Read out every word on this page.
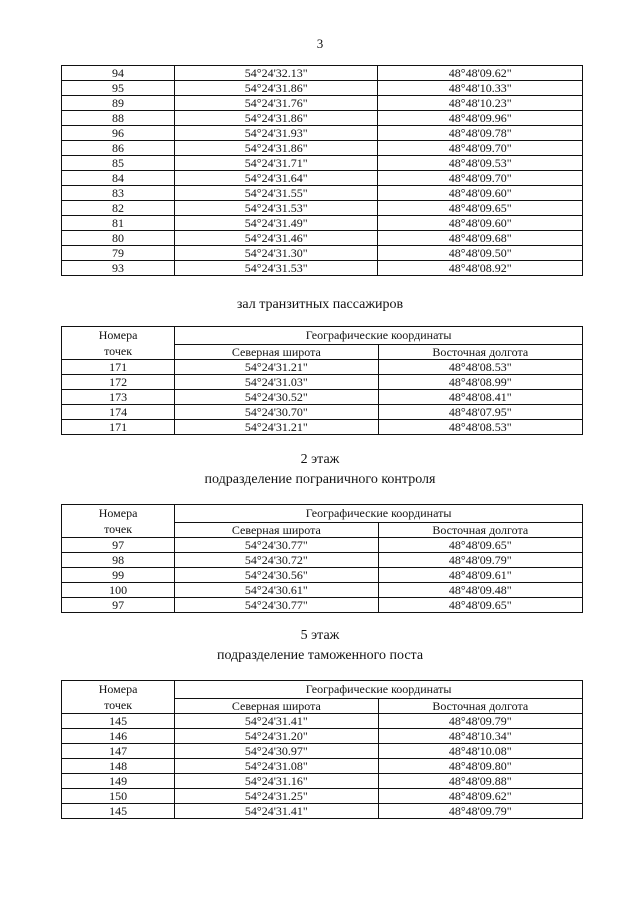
3
94	54°24'32.13"	48°48'09.62"
95	54°24'31.86"	48°48'10.33"
89	54°24'31.76"	48°48'10.23"
88	54°24'31.86"	48°48'09.96"
96	54°24'31.93"	48°48'09.78"
86	54°24'31.86"	48°48'09.70"
85	54°24'31.71"	48°48'09.53"
84	54°24'31.64"	48°48'09.70"
83	54°24'31.55"	48°48'09.60"
82	54°24'31.53"	48°48'09.65"
81	54°24'31.49"	48°48'09.60"
80	54°24'31.46"	48°48'09.68"
79	54°24'31.30"	48°48'09.50"
93	54°24'31.53"	48°48'08.92"
зал транзитных пассажиров
Номера
точек	Географические координаты	
	Северная широта	Восточная долгота
171	54°24'31.21"	48°48'08.53"
172	54°24'31.03"	48°48'08.99"
173	54°24'30.52"	48°48'08.41"
174	54°24'30.70"	48°48'07.95"
171	54°24'31.21"	48°48'08.53"
2 этаж
подразделение пограничного контроля
Номера
точек	Географические координаты	
	Северная широта	Восточная долгота
97	54°24'30.77"	48°48'09.65"
98	54°24'30.72"	48°48'09.79"
99	54°24'30.56"	48°48'09.61"
100	54°24'30.61"	48°48'09.48"
97	54°24'30.77"	48°48'09.65"
5 этаж
подразделение таможенного поста
Номера
точек	Географические координаты	
	Северная широта	Восточная долгота
145	54°24'31.41"	48°48'09.79"
146	54°24'31.20"	48°48'10.34"
147	54°24'30.97"	48°48'10.08"
148	54°24'31.08"	48°48'09.80"
149	54°24'31.16"	48°48'09.88"
150	54°24'31.25"	48°48'09.62"
145	54°24'31.41"	48°48'09.79"
